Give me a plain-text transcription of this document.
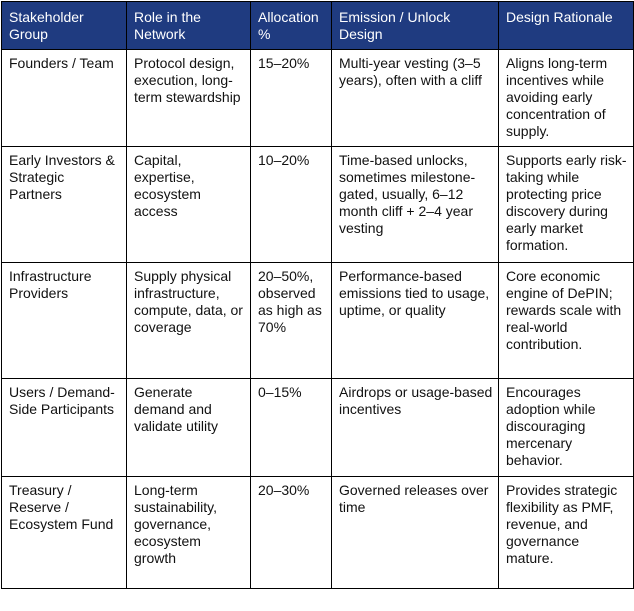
Stakeholder Group	Role in the Network	Allocation %	Emission / Unlock Design	Design Rationale
Founders / Team	Protocol design, execution, long-term stewardship	15–20%	Multi-year vesting (3–5 years), often with a cliff	Aligns long-term incentives while avoiding early concentration of supply.
Early Investors & Strategic Partners	Capital, expertise, ecosystem access	10–20%	Time-based unlocks, sometimes milestone-gated, usually, 6–12 month cliff + 2–4 year vesting	Supports early risk-taking while protecting price discovery during early market formation.
Infrastructure Providers	Supply physical infrastructure, compute, data, or coverage	20–50%, observed as high as 70%	Performance-based emissions tied to usage, uptime, or quality	Core economic engine of DePIN; rewards scale with real-world contribution.
Users / Demand-Side Participants	Generate demand and validate utility	0–15%	Airdrops or usage-based incentives	Encourages adoption while discouraging mercenary behavior.
Treasury / Reserve / Ecosystem Fund	Long-term sustainability, governance, ecosystem growth	20–30%	Governed releases over time	Provides strategic flexibility as PMF, revenue, and governance mature.
